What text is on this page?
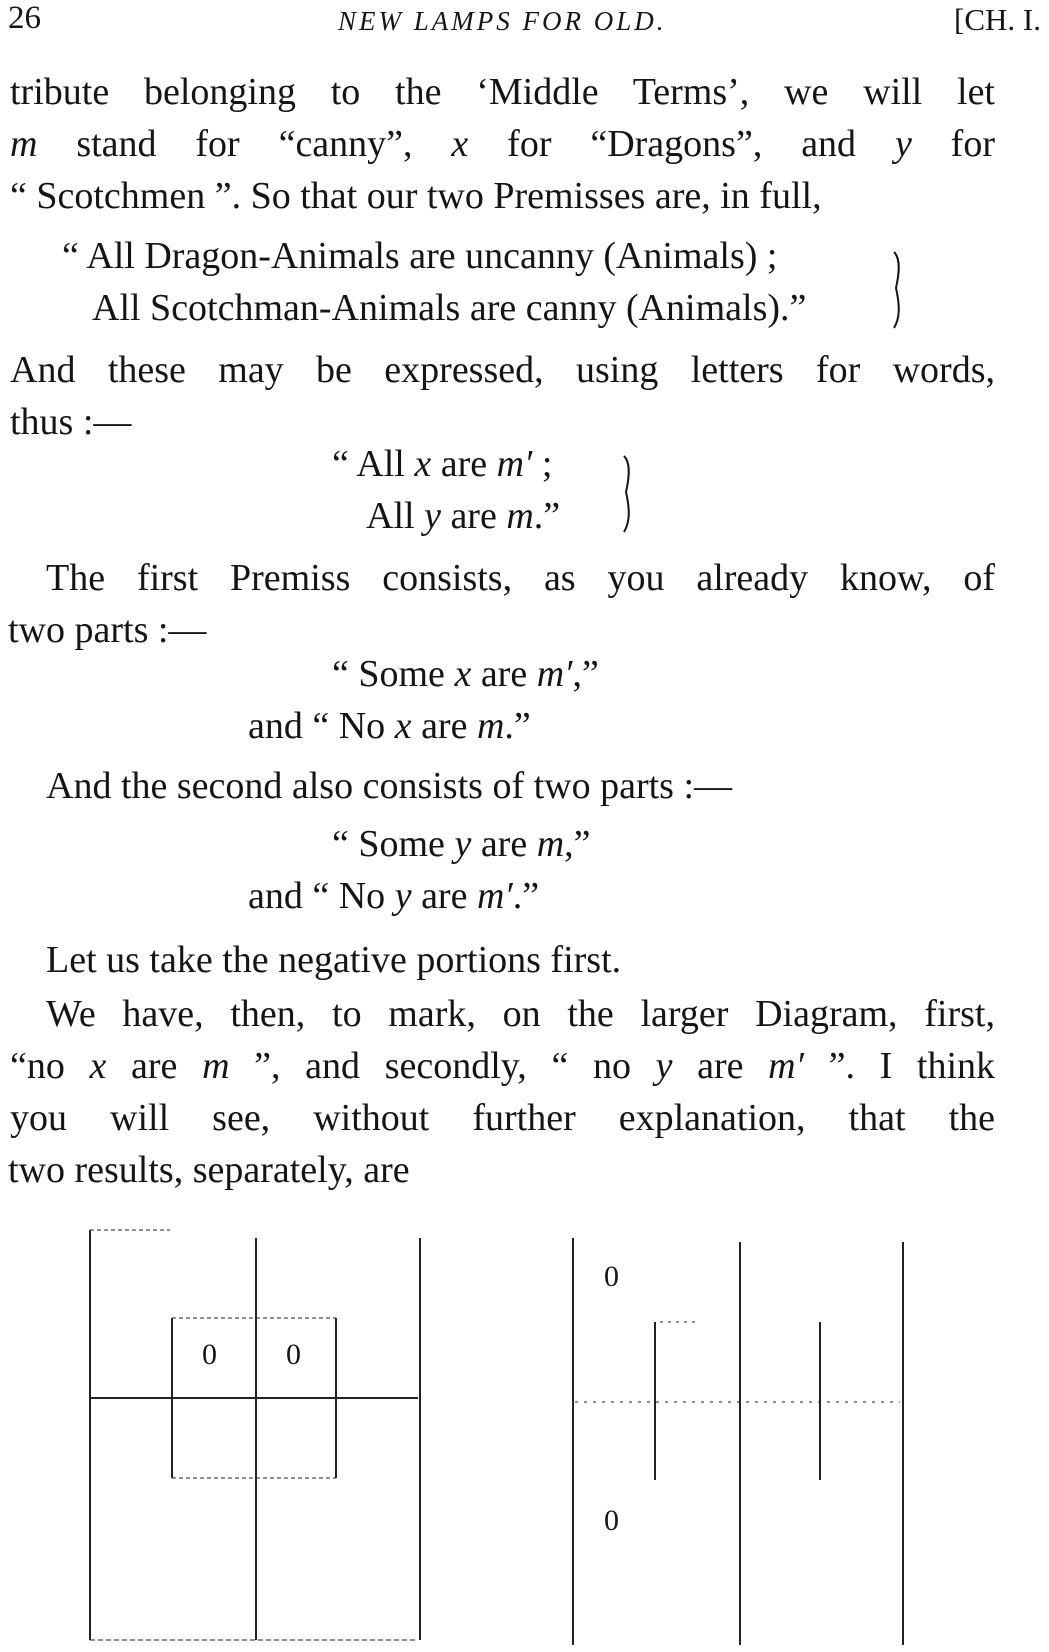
26	NEW LAMPS FOR OLD.	[CH. I.
tribute belonging to the ‘Middle Terms’, we will let
m stand for “canny”, x for “Dragons”, and y for
“ Scotchmen ”. So that our two Premisses are, in full,
“ All Dragon-Animals are uncanny (Animals) ;
All Scotchman-Animals are canny (Animals).”
And these may be expressed, using letters for words,
thus :—
“ All x are m′ ;
All y are m.”
The first Premiss consists, as you already know, of
two parts :—
“ Some x are m′,”
and “ No x are m.”
And the second also consists of two parts :—
“ Some y are m,”
and “ No y are m′.”
Let us take the negative portions first.
We have, then, to mark, on the larger Diagram, first,
“no x are m ”, and secondly, “ no y are m′ ”. I think
you will see, without further explanation, that the
two results, separately, are
0 0
0
0
